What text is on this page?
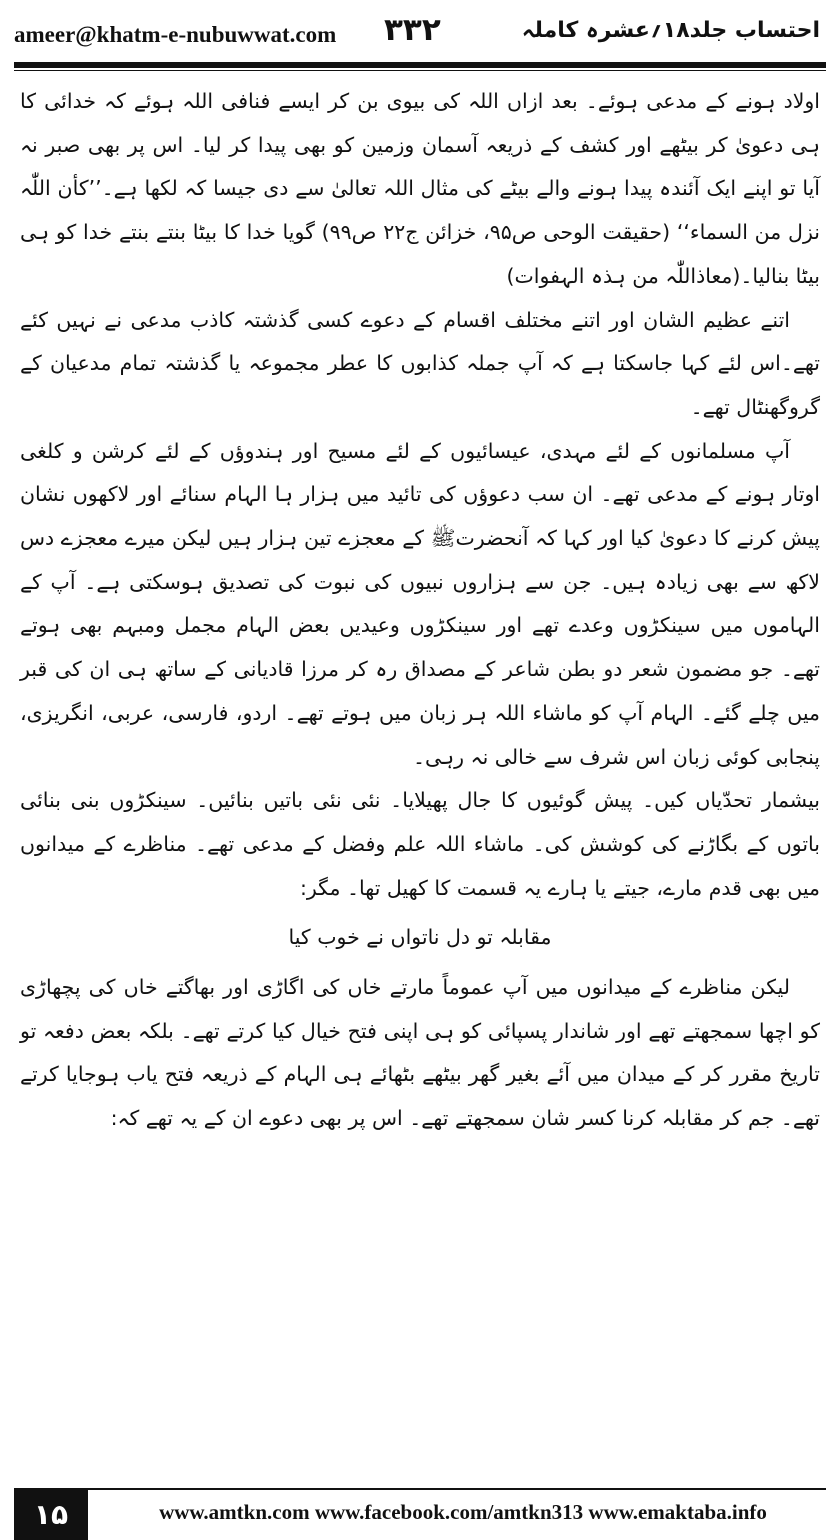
ameer@khatm-e-nubuwwat.com ۳۳۲	احتساب جلد۱۸؍عشرہ کاملہ

اولاد ہونے کے مدعی ہوئے۔ بعد ازاں اللہ کی بیوی بن کر ایسے فنافی اللہ ہوئے کہ خدائی کا ہی دعویٰ کر بیٹھے اور کشف کے ذریعہ آسمان وزمین کو بھی پیدا کر لیا۔ اس پر بھی صبر نہ آیا تو اپنے ایک آئندہ پیدا ہونے والے بیٹے کی مثال اللہ تعالیٰ سے دی جیسا کہ لکھا ہے۔’’کأن اللّٰہ نزل من السماء‘‘ (حقیقت الوحی ص۹۵، خزائن ج۲۲ ص۹۹) گویا خدا کا بیٹا بنتے بنتے خدا کو ہی بیٹا بنالیا۔(معاذاللّٰہ من ہذہ الہفوات)

اتنے عظیم الشان اور اتنے مختلف اقسام کے دعوے کسی گذشتہ کاذب مدعی نے نہیں کئے تھے۔اس لئے کہا جاسکتا ہے کہ آپ جملہ کذابوں کا عطر مجموعہ یا گذشتہ تمام مدعیان کے گروگھنٹال تھے۔

آپ مسلمانوں کے لئے مہدی، عیسائیوں کے لئے مسیح اور ہندوؤں کے لئے کرشن و کلغی اوتار ہونے کے مدعی تھے۔ ان سب دعوؤں کی تائید میں ہزار ہا الہام سنائے اور لاکھوں نشان پیش کرنے کا دعویٰ کیا اور کہا کہ آنحضرتﷺ کے معجزے تین ہزار ہیں لیکن میرے معجزے دس لاکھ سے بھی زیادہ ہیں۔ جن سے ہزاروں نبیوں کی نبوت کی تصدیق ہوسکتی ہے۔ آپ کے الہاموں میں سینکڑوں وعدے تھے اور سینکڑوں وعیدیں بعض الہام مجمل ومبہم بھی ہوتے تھے۔ جو مضمون شعر دو بطن شاعر کے مصداق رہ کر مرزا قادیانی کے ساتھ ہی ان کی قبر میں چلے گئے۔ الہام آپ کو ماشاء اللہ ہر زبان میں ہوتے تھے۔ اردو، فارسی، عربی، انگریزی، پنجابی کوئی زبان اس شرف سے خالی نہ رہی۔

بیشمار تحدّیاں کیں۔ پیش گوئیوں کا جال پھیلایا۔ نئی نئی باتیں بنائیں۔ سینکڑوں بنی بنائی باتوں کے بگاڑنے کی کوشش کی۔ ماشاء اللہ علم وفضل کے مدعی تھے۔ مناظرے کے میدانوں میں بھی قدم مارے، جیتے یا ہارے یہ قسمت کا کھیل تھا۔ مگر:

مقابلہ تو دل ناتواں نے خوب کیا

لیکن مناظرے کے میدانوں میں آپ عموماً مارتے خاں کی اگاڑی اور بھاگتے خاں کی پچھاڑی کو اچھا سمجھتے تھے اور شاندار پسپائی کو ہی اپنی فتح خیال کیا کرتے تھے۔ بلکہ بعض دفعہ تو تاریخ مقرر کر کے میدان میں آئے بغیر گھر بیٹھے بٹھائے ہی الہام کے ذریعہ فتح یاب ہوجایا کرتے تھے۔ جم کر مقابلہ کرنا کسر شان سمجھتے تھے۔ اس پر بھی دعوے ان کے یہ تھے کہ:

۱۵	www.amtkn.com www.facebook.com/amtkn313 www.emaktaba.info
